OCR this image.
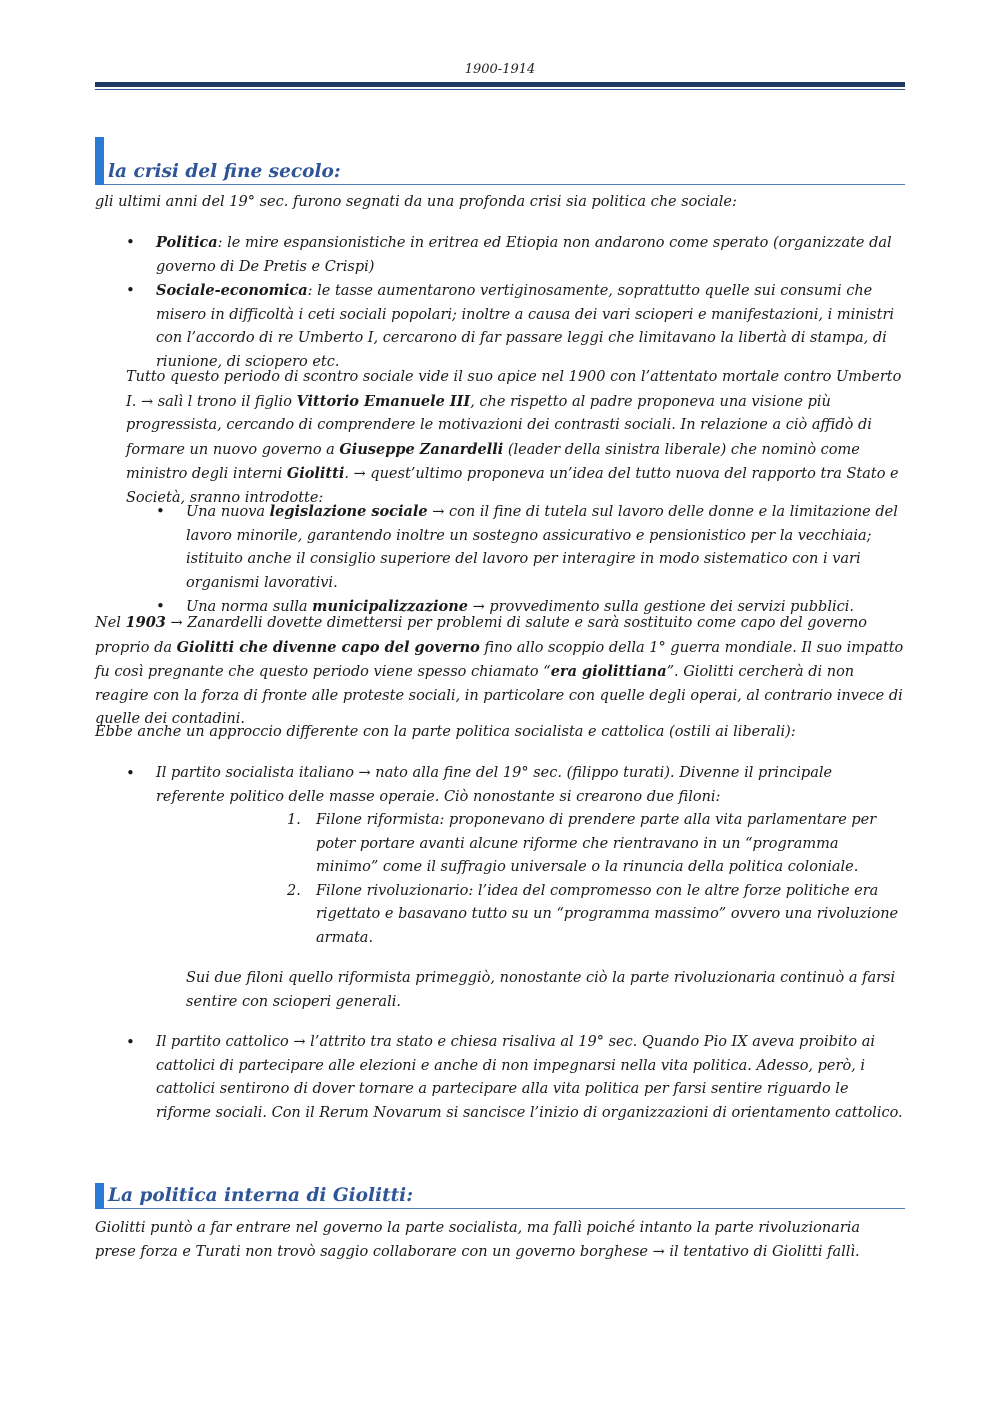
1900-1914
la crisi del fine secolo:

gli ultimi anni del 19° sec. furono segnati da una profonda crisi sia politica che sociale:

• Politica: le mire espansionistiche in eritrea ed Etiopia non andarono come sperato (organizzate dal governo di De Pretis e Crispi)
• Sociale-economica: le tasse aumentarono vertiginosamente, soprattutto quelle sui consumi che misero in difficoltà i ceti sociali popolari; inoltre a causa dei vari scioperi e manifestazioni, i ministri con l’accordo di re Umberto I, cercarono di far passare leggi che limitavano la libertà di stampa, di riunione, di sciopero etc.

Tutto questo periodo di scontro sociale vide il suo apice nel 1900 con l’attentato mortale contro Umberto I. → salì l trono il figlio Vittorio Emanuele III, che rispetto al padre proponeva una visione più progressista, cercando di comprendere le motivazioni dei contrasti sociali. In relazione a ciò affidò di formare un nuovo governo a Giuseppe Zanardelli (leader della sinistra liberale) che nominò come ministro degli interni Giolitti. → quest’ultimo proponeva un’idea del tutto nuova del rapporto tra Stato e Società, sranno introdotte:

• Una nuova legislazione sociale → con il fine di tutela sul lavoro delle donne e la limitazione del lavoro minorile, garantendo inoltre un sostegno assicurativo e pensionistico per la vecchiaia; istituito anche il consiglio superiore del lavoro per interagire in modo sistematico con i vari organismi lavorativi.
• Una norma sulla municipalizzazione → provvedimento sulla gestione dei servizi pubblici.

Nel 1903 → Zanardelli dovette dimettersi per problemi di salute e sarà sostituito come capo del governo proprio da Giolitti che divenne capo del governo fino allo scoppio della 1° guerra mondiale. Il suo impatto fu così pregnante che questo periodo viene spesso chiamato “era giolittiana”. Giolitti cercherà di non reagire con la forza di fronte alle proteste sociali, in particolare con quelle degli operai, al contrario invece di quelle dei contadini.

Ebbe anche un approccio differente con la parte politica socialista e cattolica (ostili ai liberali):

• Il partito socialista italiano → nato alla fine del 19° sec. (filippo turati). Divenne il principale referente politico delle masse operaie. Ciò nonostante si crearono due filoni:
1. Filone riformista: proponevano di prendere parte alla vita parlamentare per poter portare avanti alcune riforme che rientravano in un “programma minimo” come il suffragio universale o la rinuncia della politica coloniale.
2. Filone rivoluzionario: l’idea del compromesso con le altre forze politiche era rigettato e basavano tutto su un “programma massimo” ovvero una rivoluzione armata.

Sui due filoni quello riformista primeggiò, nonostante ciò la parte rivoluzionaria continuò a farsi sentire con scioperi generali.

• Il partito cattolico → l’attrito tra stato e chiesa risaliva al 19° sec. Quando Pio IX aveva proibito ai cattolici di partecipare alle elezioni e anche di non impegnarsi nella vita politica. Adesso, però, i cattolici sentirono di dover tornare a partecipare alla vita politica per farsi sentire riguardo le riforme sociali. Con il Rerum Novarum si sancisce l’inizio di organizzazioni di orientamento cattolico.
La politica interna di Giolitti:

Giolitti puntò a far entrare nel governo la parte socialista, ma fallì poiché intanto la parte rivoluzionaria prese forza e Turati non trovò saggio collaborare con un governo borghese → il tentativo di Giolitti fallì.
